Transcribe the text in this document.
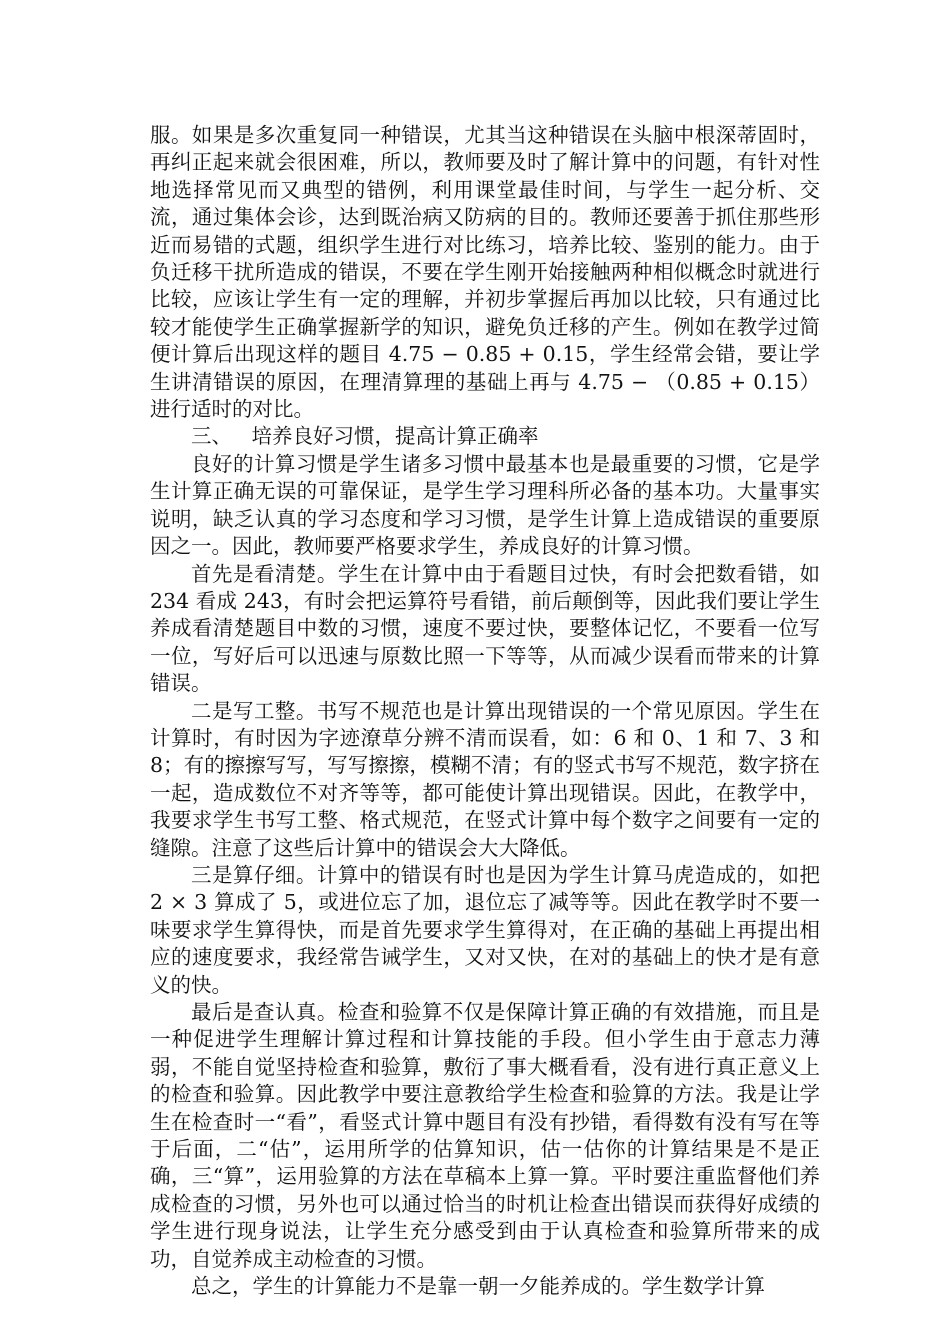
服。如果是多次重复同一种错误，尤其当这种错误在头脑中根深蒂固时，再纠正起来就会很困难，所以，教师要及时了解计算中的问题，有针对性地选择常见而又典型的错例，利用课堂最佳时间，与学生一起分析、交流，通过集体会诊，达到既治病又防病的目的。教师还要善于抓住那些形近而易错的式题，组织学生进行对比练习，培养比较、鉴别的能力。由于负迁移干扰所造成的错误，不要在学生刚开始接触两种相似概念时就进行比较，应该让学生有一定的理解，并初步掌握后再加以比较，只有通过比较才能使学生正确掌握新学的知识，避免负迁移的产生。例如在教学过简便计算后出现这样的题目 4.75 − 0.85 + 0.15，学生经常会错，要让学生讲清错误的原因，在理清算理的基础上再与 4.75 − （0.85 + 0.15）进行适时的对比。

三、   培养良好习惯，提高计算正确率

良好的计算习惯是学生诸多习惯中最基本也是最重要的习惯，它是学生计算正确无误的可靠保证，是学生学习理科所必备的基本功。大量事实说明，缺乏认真的学习态度和学习习惯，是学生计算上造成错误的重要原因之一。因此，教师要严格要求学生，养成良好的计算习惯。

首先是看清楚。学生在计算中由于看题目过快，有时会把数看错，如 234 看成 243，有时会把运算符号看错，前后颠倒等，因此我们要让学生养成看清楚题目中数的习惯，速度不要过快，要整体记忆，不要看一位写一位，写好后可以迅速与原数比照一下等等，从而减少误看而带来的计算错误。

二是写工整。书写不规范也是计算出现错误的一个常见原因。学生在计算时，有时因为字迹潦草分辨不清而误看，如：6 和 0、1 和 7、3 和 8；有的擦擦写写，写写擦擦，模糊不清；有的竖式书写不规范，数字挤在一起，造成数位不对齐等等，都可能使计算出现错误。因此，在教学中，我要求学生书写工整、格式规范，在竖式计算中每个数字之间要有一定的缝隙。注意了这些后计算中的错误会大大降低。

三是算仔细。计算中的错误有时也是因为学生计算马虎造成的，如把 2 × 3 算成了 5，或进位忘了加，退位忘了减等等。因此在教学时不要一味要求学生算得快，而是首先要求学生算得对，在正确的基础上再提出相应的速度要求，我经常告诫学生，又对又快，在对的基础上的快才是有意义的快。

最后是查认真。检查和验算不仅是保障计算正确的有效措施，而且是一种促进学生理解计算过程和计算技能的手段。但小学生由于意志力薄弱，不能自觉坚持检查和验算，敷衍了事大概看看，没有进行真正意义上的检查和验算。因此教学中要注意教给学生检查和验算的方法。我是让学生在检查时一“看”，看竖式计算中题目有没有抄错，看得数有没有写在等于后面，二“估”，运用所学的估算知识，估一估你的计算结果是不是正确，三“算”，运用验算的方法在草稿本上算一算。平时要注重监督他们养成检查的习惯，另外也可以通过恰当的时机让检查出错误而获得好成绩的学生进行现身说法，让学生充分感受到由于认真检查和验算所带来的成功，自觉养成主动检查的习惯。

总之，学生的计算能力不是靠一朝一夕能养成的。学生数学计算
